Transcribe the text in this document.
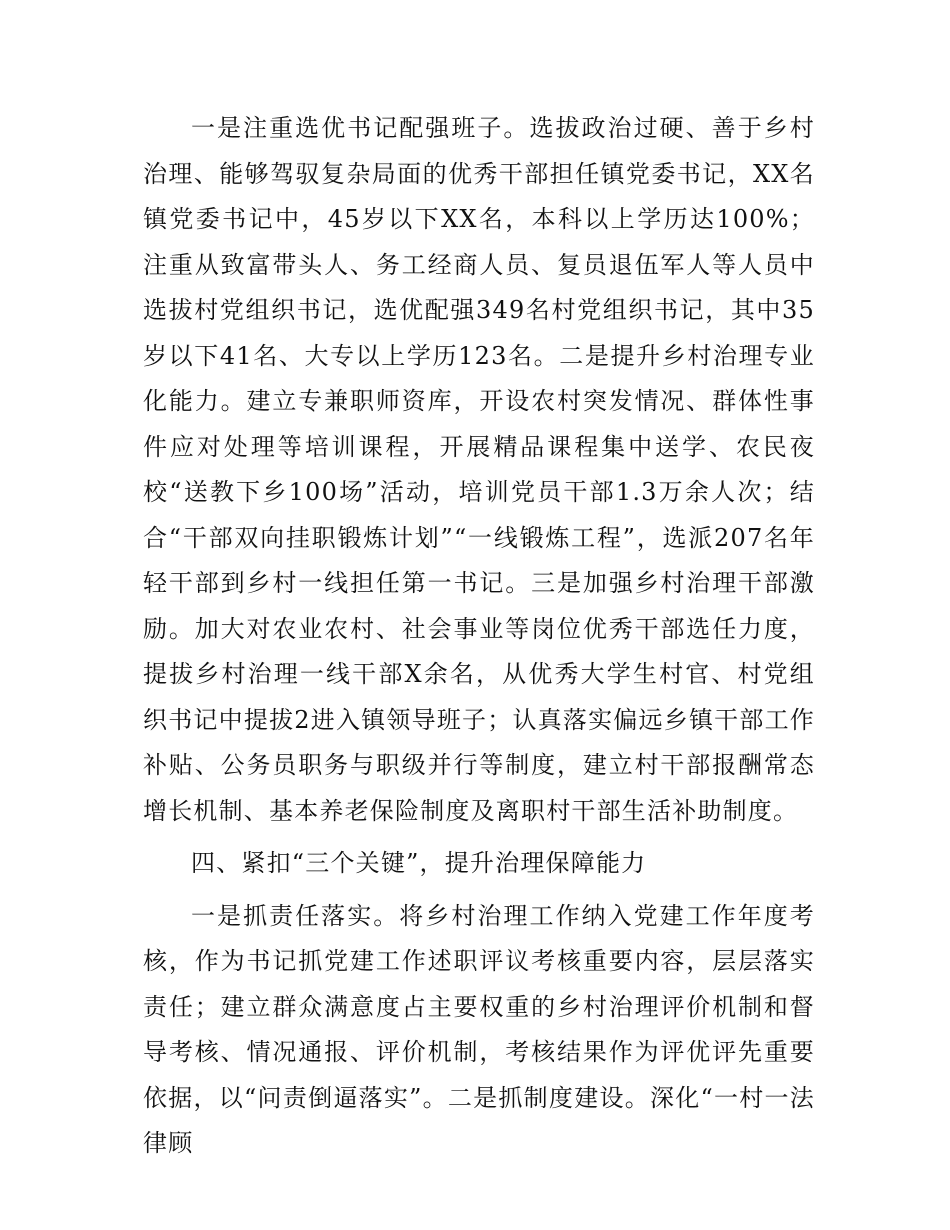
一是注重选优书记配强班子。选拔政治过硬、善于乡村治理、能够驾驭复杂局面的优秀干部担任镇党委书记，XX名镇党委书记中，45岁以下XX名，本科以上学历达100%；注重从致富带头人、务工经商人员、复员退伍军人等人员中选拔村党组织书记，选优配强349名村党组织书记，其中35岁以下41名、大专以上学历123名。二是提升乡村治理专业化能力。建立专兼职师资库，开设农村突发情况、群体性事件应对处理等培训课程，开展精品课程集中送学、农民夜校“送教下乡100场”活动，培训党员干部1.3万余人次；结合“干部双向挂职锻炼计划”“一线锻炼工程”，选派207名年轻干部到乡村一线担任第一书记。三是加强乡村治理干部激励。加大对农业农村、社会事业等岗位优秀干部选任力度，提拔乡村治理一线干部X余名，从优秀大学生村官、村党组织书记中提拔2进入镇领导班子；认真落实偏远乡镇干部工作补贴、公务员职务与职级并行等制度，建立村干部报酬常态增长机制、基本养老保险制度及离职村干部生活补助制度。

四、紧扣“三个关键”，提升治理保障能力

一是抓责任落实。将乡村治理工作纳入党建工作年度考核，作为书记抓党建工作述职评议考核重要内容，层层落实责任；建立群众满意度占主要权重的乡村治理评价机制和督导考核、情况通报、评价机制，考核结果作为评优评先重要依据，以“问责倒逼落实”。二是抓制度建设。深化“一村一法律顾
